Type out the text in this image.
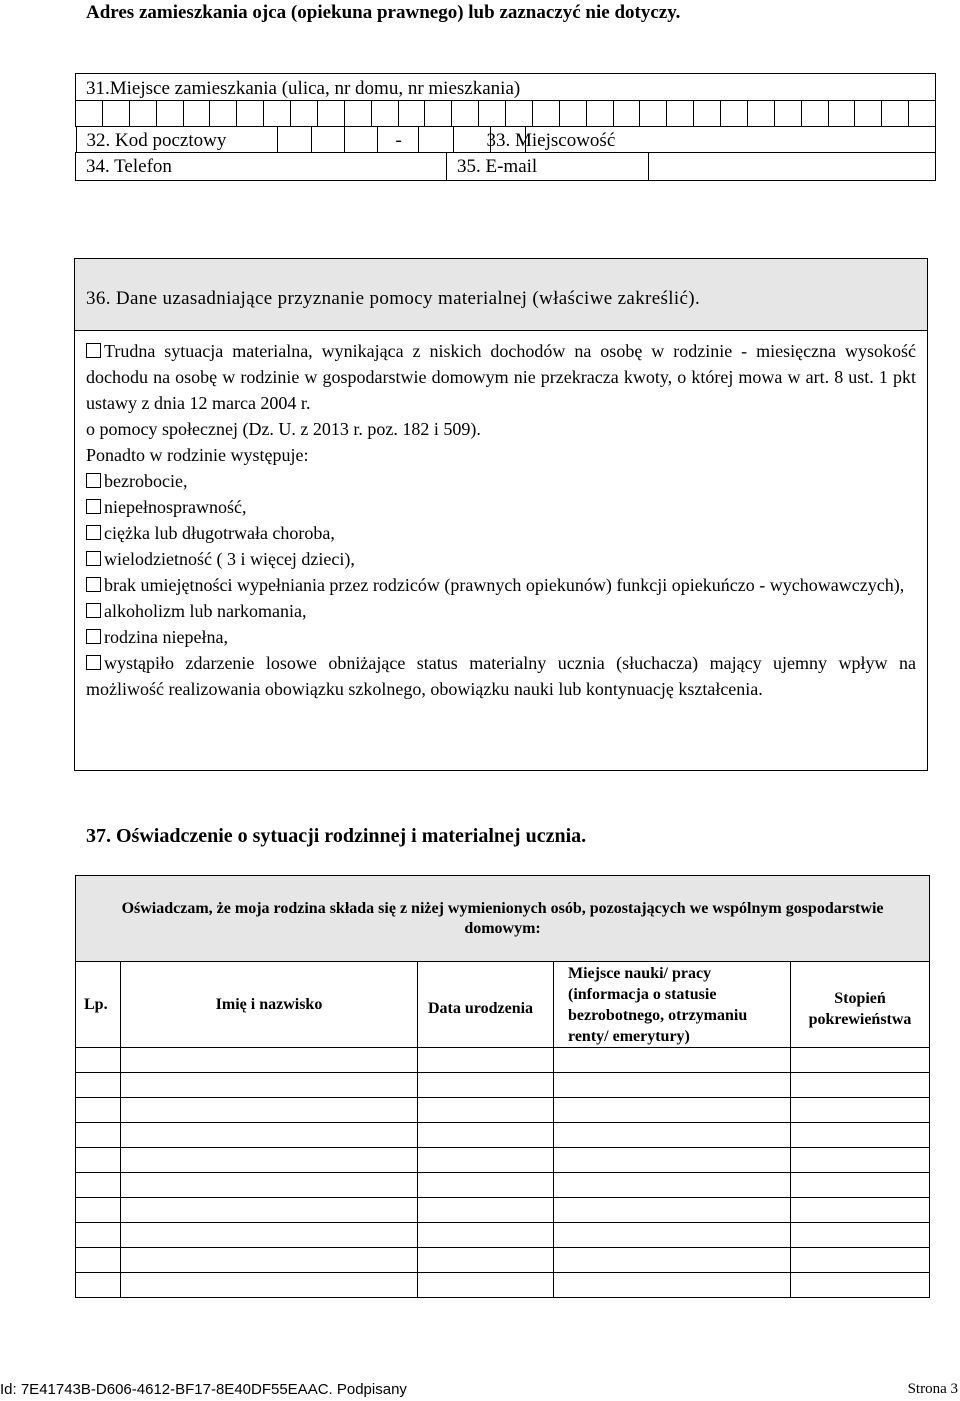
Adres zamieszkania ojca (opiekuna prawnego) lub zaznaczyć nie dotyczy.
31.Miejsce zamieszkania (ulica, nr domu, nr mieszkania)

32. Kod pocztowy	-	33. Miejscowość

34. Telefon	35. E-mail
36. Dane uzasadniające przyznanie pomocy materialnej (właściwe zakreślić).
Trudna sytuacja materialna, wynikająca z niskich dochodów na osobę w rodzinie - miesięczna wysokość dochodu na osobę w rodzinie w gospodarstwie domowym nie przekracza kwoty, o której mowa w art. 8 ust. 1 pkt ustawy z dnia 12 marca 2004 r.
o pomocy społecznej (Dz. U. z 2013 r. poz. 182 i 509).
Ponadto w rodzinie występuje:
bezrobocie,
niepełnosprawność,
ciężka lub długotrwała choroba,
wielodzietność ( 3 i więcej dzieci),
brak umiejętności wypełniania przez rodziców (prawnych opiekunów) funkcji opiekuńczo - wychowawczych),
alkoholizm lub narkomania,
rodzina niepełna,
wystąpiło zdarzenie losowe obniżające status materialny ucznia (słuchacza) mający ujemny wpływ na możliwość realizowania obowiązku szkolnego, obowiązku nauki lub kontynuację kształcenia.
37. Oświadczenie o sytuacji rodzinnej i materialnej ucznia.
Oświadczam, że moja rodzina składa się z niżej wymienionych osób, pozostających we wspólnym gospodarstwie domowym:				
Lp.	Imię i nazwisko	Data urodzenia	Miejsce nauki/ pracy (informacja o statusie bezrobotnego, otrzymaniu renty/ emerytury)	Stopień pokrewieństwa

Id: 7E41743B-D606-4612-BF17-8E40DF55EAAC. Podpisany	Strona 3
